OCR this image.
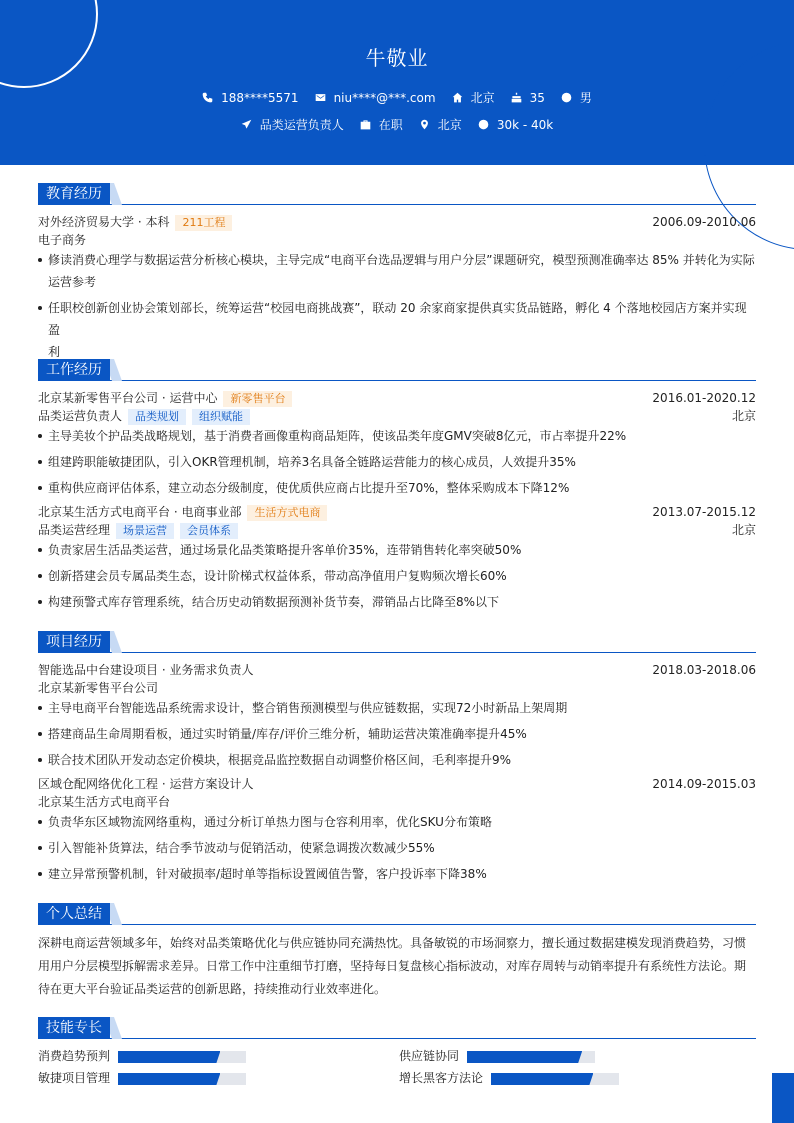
牛敬业
188****5571	niu****@***.com	北京	35	男
品类运营负责人	在职	北京	30k - 40k
教育经历
对外经济贸易大学 · 本科 211工程	2006.09-2010.06
电子商务
修读消费心理学与数据运营分析核心模块，主导完成“电商平台选品逻辑与用户分层”课题研究，模型预测准确率达 85% 并转化为实际
运营参考
任职校创新创业协会策划部长，统筹运营“校园电商挑战赛”，联动 20 余家商家提供真实货品链路，孵化 4 个落地校园店方案并实现盈
利
工作经历
北京某新零售平台公司 · 运营中心 新零售平台	2016.01-2020.12
品类运营负责人 品类规划 组织赋能	北京
主导美妆个护品类战略规划，基于消费者画像重构商品矩阵，使该品类年度GMV突破8亿元，市占率提升22%
组建跨职能敏捷团队，引入OKR管理机制，培养3名具备全链路运营能力的核心成员，人效提升35%
重构供应商评估体系，建立动态分级制度，使优质供应商占比提升至70%，整体采购成本下降12%
北京某生活方式电商平台 · 电商事业部 生活方式电商	2013.07-2015.12
品类运营经理 场景运营 会员体系	北京
负责家居生活品类运营，通过场景化品类策略提升客单价35%，连带销售转化率突破50%
创新搭建会员专属品类生态，设计阶梯式权益体系，带动高净值用户复购频次增长60%
构建预警式库存管理系统，结合历史动销数据预测补货节奏，滞销品占比降至8%以下
项目经历
智能选品中台建设项目 · 业务需求负责人	2018.03-2018.06
北京某新零售平台公司
主导电商平台智能选品系统需求设计，整合销售预测模型与供应链数据，实现72小时新品上架周期
搭建商品生命周期看板，通过实时销量/库存/评价三维分析，辅助运营决策准确率提升45%
联合技术团队开发动态定价模块，根据竞品监控数据自动调整价格区间，毛利率提升9%
区域仓配网络优化工程 · 运营方案设计人	2014.09-2015.03
北京某生活方式电商平台
负责华东区域物流网络重构，通过分析订单热力图与仓容利用率，优化SKU分布策略
引入智能补货算法，结合季节波动与促销活动，使紧急调拨次数减少55%
建立异常预警机制，针对破损率/超时单等指标设置阈值告警，客户投诉率下降38%
个人总结
深耕电商运营领域多年，始终对品类策略优化与供应链协同充满热忱。具备敏锐的市场洞察力，擅长通过数据建模发现消费趋势，习惯
用用户分层模型拆解需求差异。日常工作中注重细节打磨，坚持每日复盘核心指标波动，对库存周转与动销率提升有系统性方法论。期
待在更大平台验证品类运营的创新思路，持续推动行业效率进化。
技能专长
消费趋势预判	供应链协同
敏捷项目管理	增长黑客方法论
